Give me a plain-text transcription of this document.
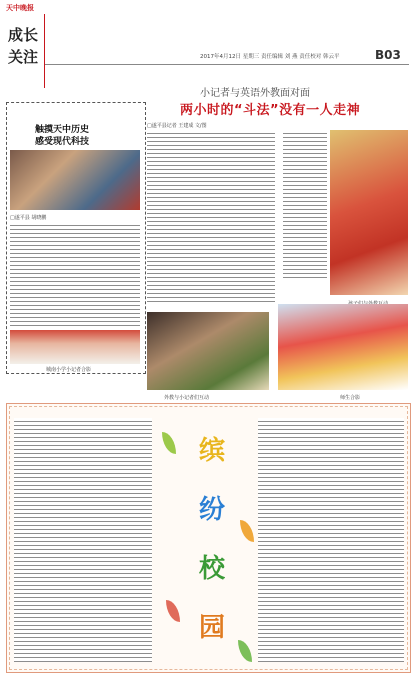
天中晚报
成长
关注	2017年4月12日 星期三 责任编辑 刘 燕 责任校对 韩云平	B03
小记者与英语外教面对面
两小时的“斗法”没有一人走神
触摸天中历史
感受现代科技
□遂平县 胡晓鹏
城南小学小记者合影
□遂平县记者 王建成 文/图
外教与小记者们互动	师生合影
缤
纷
校
园
